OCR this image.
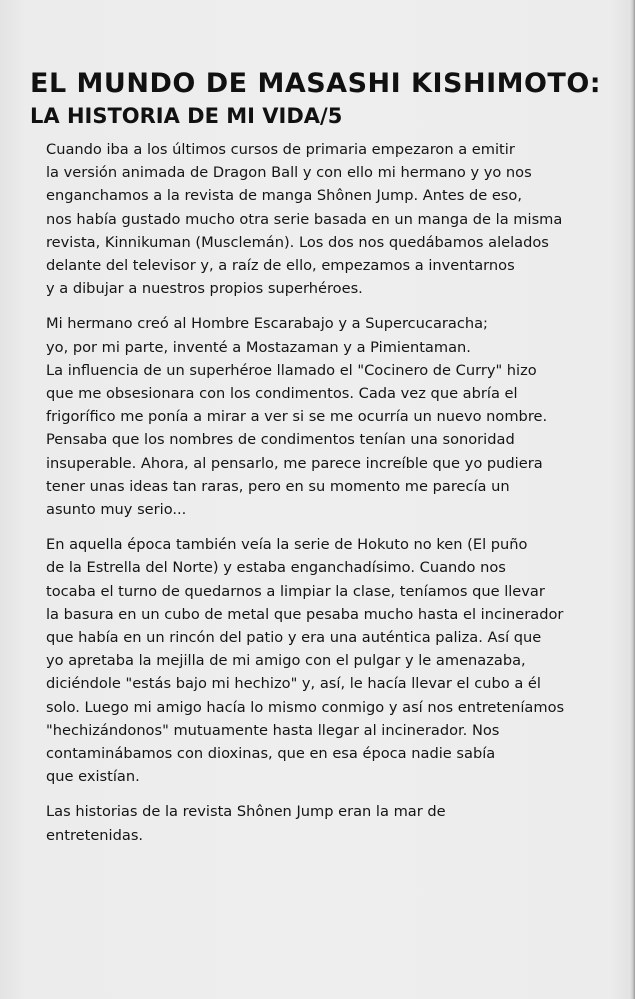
EL MUNDO DE MASASHI KISHIMOTO:
LA HISTORIA DE MI VIDA/5

Cuando iba a los últimos cursos de primaria empezaron a emitir
la versión animada de Dragon Ball y con ello mi hermano y yo nos
enganchamos a la revista de manga Shônen Jump. Antes de eso,
nos había gustado mucho otra serie basada en un manga de la misma
revista, Kinnikuman (Musclemán). Los dos nos quedábamos alelados
delante del televisor y, a raíz de ello, empezamos a inventarnos
y a dibujar a nuestros propios superhéroes.

Mi hermano creó al Hombre Escarabajo y a Supercucaracha;
yo, por mi parte, inventé a Mostazaman y a Pimientaman.
La influencia de un superhéroe llamado el "Cocinero de Curry" hizo
que me obsesionara con los condimentos. Cada vez que abría el
frigorífico me ponía a mirar a ver si se me ocurría un nuevo nombre.
Pensaba que los nombres de condimentos tenían una sonoridad
insuperable. Ahora, al pensarlo, me parece increíble que yo pudiera
tener unas ideas tan raras, pero en su momento me parecía un
asunto muy serio...

En aquella época también veía la serie de Hokuto no ken (El puño
de la Estrella del Norte) y estaba enganchadísimo. Cuando nos
tocaba el turno de quedarnos a limpiar la clase, teníamos que llevar
la basura en un cubo de metal que pesaba mucho hasta el incinerador
que había en un rincón del patio y era una auténtica paliza. Así que
yo apretaba la mejilla de mi amigo con el pulgar y le amenazaba,
diciéndole "estás bajo mi hechizo" y, así, le hacía llevar el cubo a él
solo. Luego mi amigo hacía lo mismo conmigo y así nos entreteníamos
"hechizándonos" mutuamente hasta llegar al incinerador. Nos
contaminábamos con dioxinas, que en esa época nadie sabía
que existían.

Las historias de la revista Shônen Jump eran la mar de
entretenidas.
